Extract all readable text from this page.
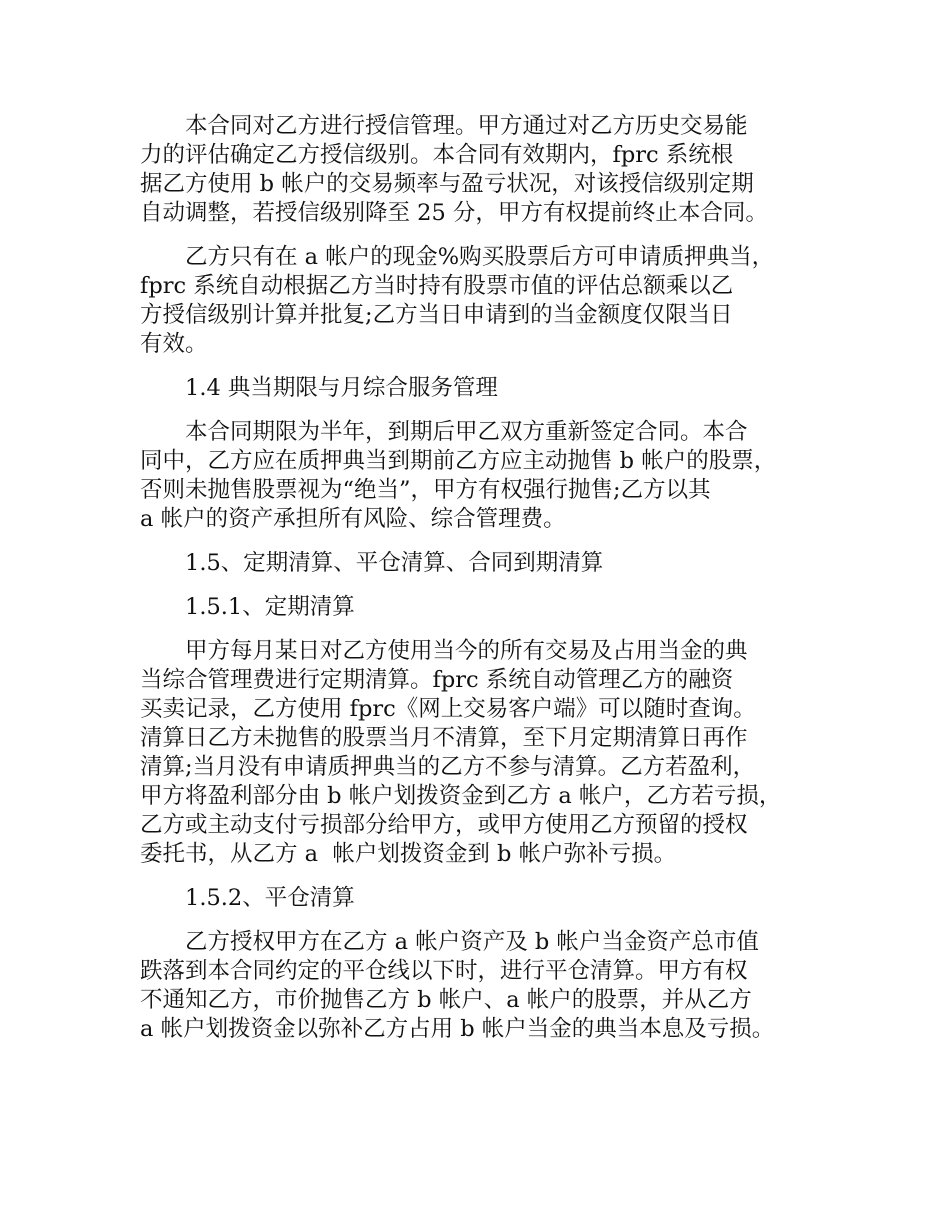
本合同对乙方进行授信管理。甲方通过对乙方历史交易能
力的评估确定乙方授信级别。本合同有效期内，fprc 系统根
据乙方使用 b 帐户的交易频率与盈亏状况，对该授信级别定期
自动调整，若授信级别降至 25 分，甲方有权提前终止本合同。

乙方只有在 a 帐户的现金%购买股票后方可申请质押典当，
fprc 系统自动根据乙方当时持有股票市值的评估总额乘以乙
方授信级别计算并批复;乙方当日申请到的当金额度仅限当日
有效。

1.4 典当期限与月综合服务管理

本合同期限为半年，到期后甲乙双方重新签定合同。本合
同中，乙方应在质押典当到期前乙方应主动抛售 b 帐户的股票，
否则未抛售股票视为“绝当”，甲方有权强行抛售;乙方以其
a 帐户的资产承担所有风险、综合管理费。

1.5、定期清算、平仓清算、合同到期清算

1.5.1、定期清算

甲方每月某日对乙方使用当今的所有交易及占用当金的典
当综合管理费进行定期清算。fprc 系统自动管理乙方的融资
买卖记录，乙方使用 fprc《网上交易客户端》可以随时查询。
清算日乙方未抛售的股票当月不清算，至下月定期清算日再作
清算;当月没有申请质押典当的乙方不参与清算。乙方若盈利，
甲方将盈利部分由 b 帐户划拨资金到乙方 a 帐户，乙方若亏损，
乙方或主动支付亏损部分给甲方，或甲方使用乙方预留的授权
委托书，从乙方 a  帐户划拨资金到 b 帐户弥补亏损。

1.5.2、平仓清算

乙方授权甲方在乙方 a 帐户资产及 b 帐户当金资产总市值
跌落到本合同约定的平仓线以下时，进行平仓清算。甲方有权
不通知乙方，市价抛售乙方 b 帐户、a 帐户的股票，并从乙方
a 帐户划拨资金以弥补乙方占用 b 帐户当金的典当本息及亏损。
